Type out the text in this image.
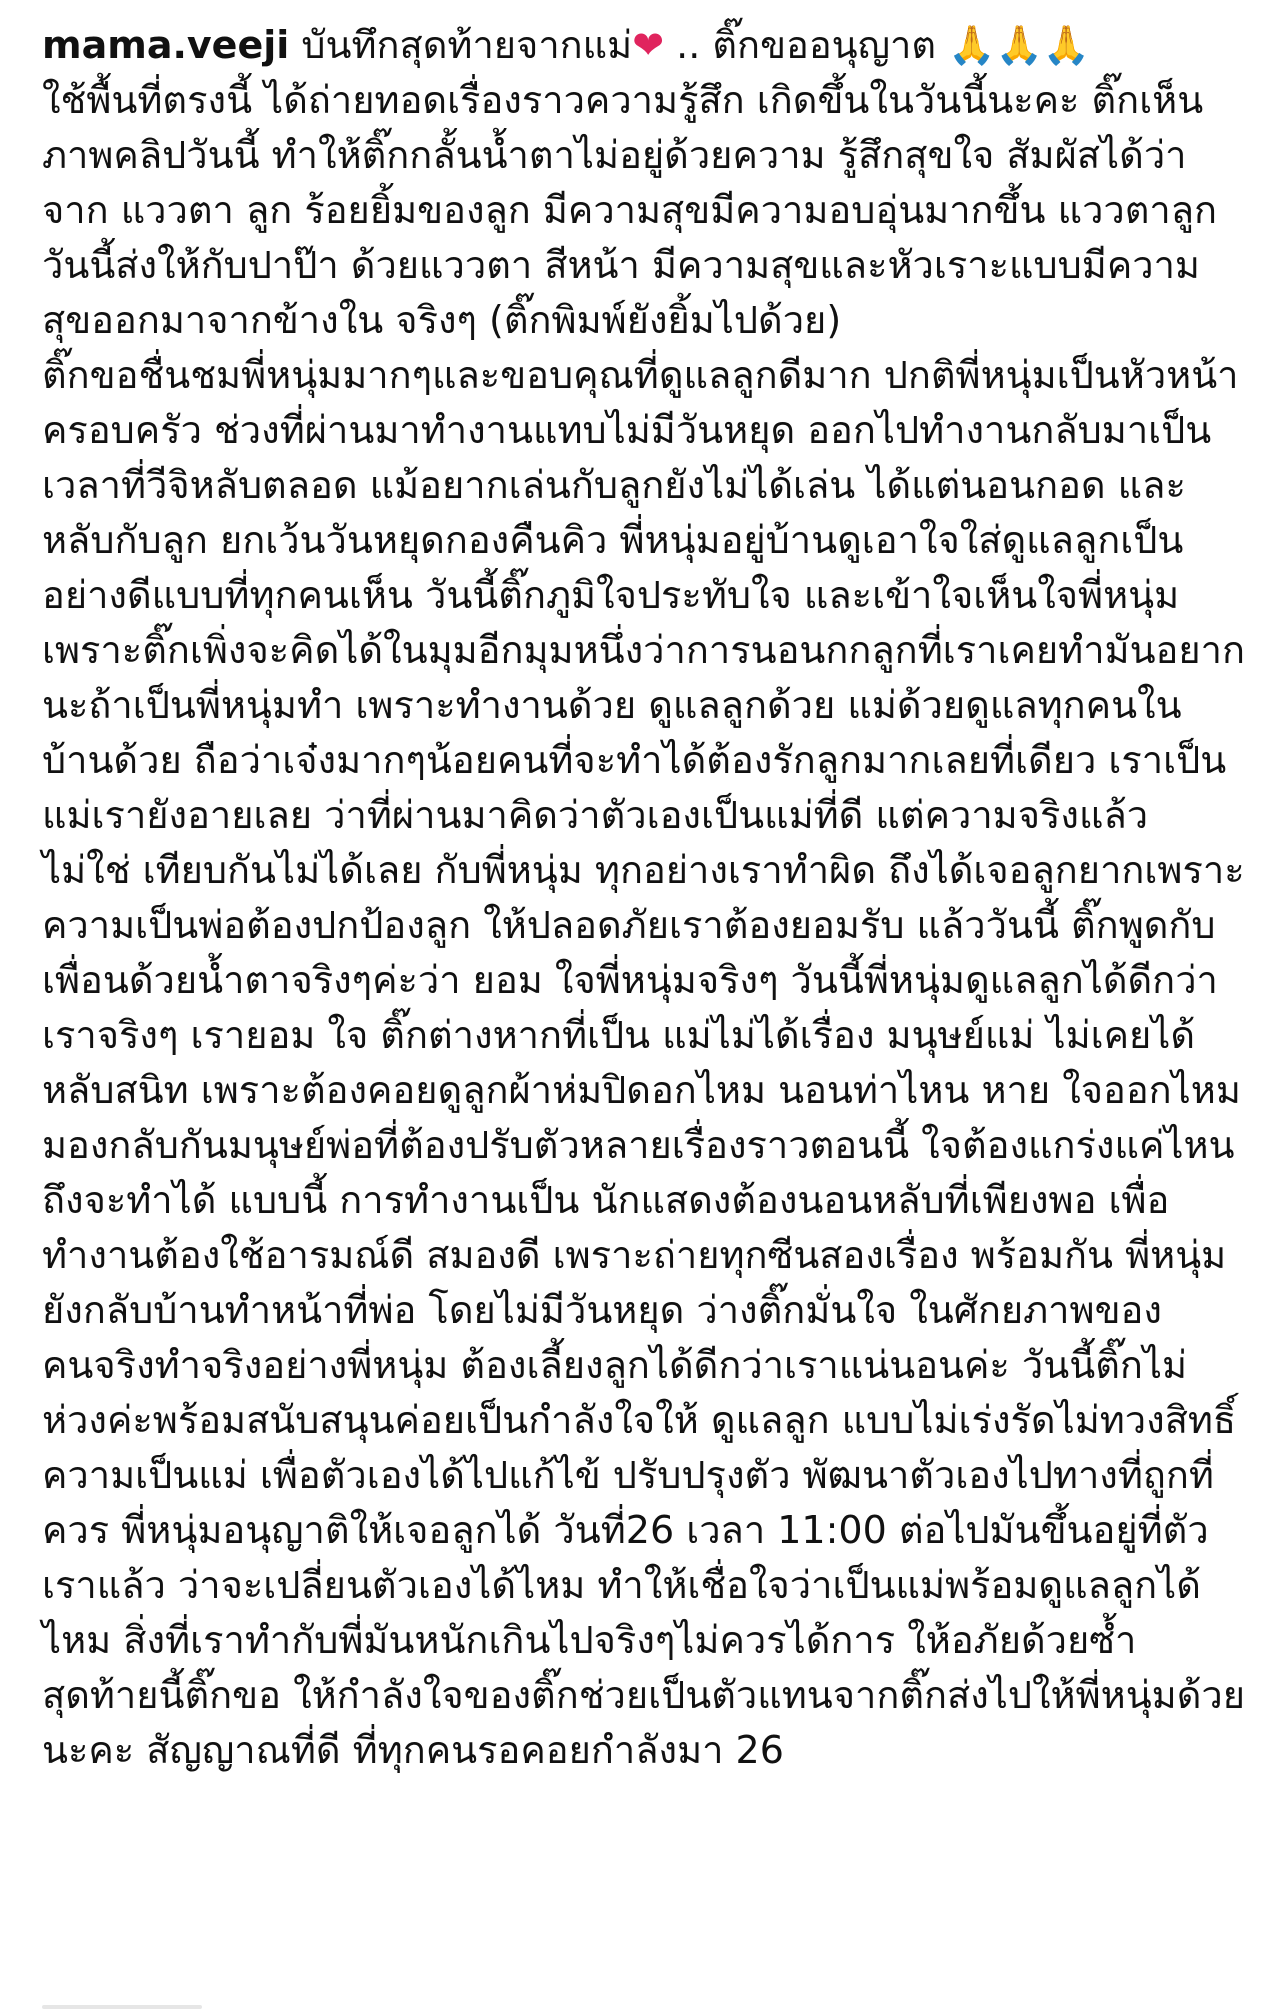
mama.veeji บันทึกสุดท้ายจากแม่❤ .. ติ๊กขออนุญาต 🙏🙏🙏
ใช้พื้นที่ตรงนี้ ได้ถ่ายทอดเรื่องราวความรู้สึก เกิดขึ้นในวันนี้นะคะ ติ๊กเห็นภาพคลิปวันนี้ ทำให้ติ๊กกลั้นน้ำตาไม่อยู่ด้วยความ รู้สึกสุขใจ สัมผัสได้ว่าจาก แววตา ลูก ร้อยยิ้มของลูก มีความสุขมีความอบอุ่นมากขึ้น แววตาลูกวันนี้ส่งให้กับปาป๊า ด้วยแววตา สีหน้า มีความสุขและหัวเราะแบบมีความสุขออกมาจากข้างใน จริงๆ (ติ๊กพิมพ์ยังยิ้มไปด้วย)
ติ๊กขอชื่นชมพี่หนุ่มมากๆและขอบคุณที่ดูแลลูกดีมาก ปกติพี่หนุ่มเป็นหัวหน้าครอบครัว ช่วงที่ผ่านมาทำงานแทบไม่มีวันหยุด ออกไปทำงานกลับมาเป็นเวลาที่วีจิหลับตลอด แม้อยากเล่นกับลูกยังไม่ได้เล่น ได้แต่นอนกอด และหลับกับลูก ยกเว้นวันหยุดกองคืนคิว พี่หนุ่มอยู่บ้านดูเอาใจใส่ดูแลลูกเป็นอย่างดีแบบที่ทุกคนเห็น วันนี้ติ๊กภูมิใจประทับใจ และเข้าใจเห็นใจพี่หนุ่ม เพราะติ๊กเพิ่งจะคิดได้ในมุมอีกมุมหนึ่งว่าการนอนกกลูกที่เราเคยทำมันอยากนะถ้าเป็นพี่หนุ่มทำ เพราะทำงานด้วย ดูแลลูกด้วย แม่ด้วยดูแลทุกคนในบ้านด้วย ถือว่าเจ๋งมากๆน้อยคนที่จะทำได้ต้องรักลูกมากเลยที่เดียว เราเป็นแม่เรายังอายเลย ว่าที่ผ่านมาคิดว่าตัวเองเป็นแม่ที่ดี แต่ความจริงแล้ว ไม่ใช่ เทียบกันไม่ได้เลย กับพี่หนุ่ม ทุกอย่างเราทำผิด ถึงได้เจอลูกยากเพราะความเป็นพ่อต้องปกป้องลูก ให้ปลอดภัยเราต้องยอมรับ แล้ววันนี้ ติ๊กพูดกับเพื่อนด้วยน้ำตาจริงๆค่ะว่า ยอม ใจพี่หนุ่มจริงๆ วันนี้พี่หนุ่มดูแลลูกได้ดีกว่าเราจริงๆ เรายอม ใจ ติ๊กต่างหากที่เป็น แม่ไม่ได้เรื่อง มนุษย์แม่ ไม่เคยได้หลับสนิท เพราะต้องคอยดูลูกผ้าห่มปิดอกไหม นอนท่าไหน หาย ใจออกไหม มองกลับกันมนุษย์พ่อที่ต้องปรับตัวหลายเรื่องราวตอนนี้ ใจต้องแกร่งแค่ไหนถึงจะทำได้ แบบนี้ การทำงานเป็น นักแสดงต้องนอนหลับที่เพียงพอ เพื่อทำงานต้องใช้อารมณ์ดี สมองดี เพราะถ่ายทุกซีนสองเรื่อง พร้อมกัน พี่หนุ่มยังกลับบ้านทำหน้าที่พ่อ โดยไม่มีวันหยุด ว่างติ๊กมั่นใจ ในศักยภาพของคนจริงทำจริงอย่างพี่หนุ่ม ต้องเลี้ยงลูกได้ดีกว่าเราแน่นอนค่ะ วันนี้ติ๊กไม่ห่วงค่ะพร้อมสนับสนุนค่อยเป็นกำลังใจให้ ดูแลลูก แบบไม่เร่งรัดไม่ทวงสิทธิ์ความเป็นแม่ เพื่อตัวเองได้ไปแก้ไข้ ปรับปรุงตัว พัฒนาตัวเองไปทางที่ถูกที่ควร พี่หนุ่มอนุญาติให้เจอลูกได้ วันที่26 เวลา 11:00 ต่อไปมันขึ้นอยู่ที่ตัวเราแล้ว ว่าจะเปลี่ยนตัวเองได้ไหม ทำให้เชื่อใจว่าเป็นแม่พร้อมดูแลลูกได้ไหม สิ่งที่เราทำกับพี่มันหนักเกินไปจริงๆไม่ควรได้การ ให้อภัยด้วยซ้ำ สุดท้ายนี้ติ๊กขอ ให้กำลังใจของติ๊กช่วยเป็นตัวแทนจากติ๊กส่งไปให้พี่หนุ่มด้วยนะคะ สัญญาณที่ดี ที่ทุกคนรอคอยกำลังมา 26
